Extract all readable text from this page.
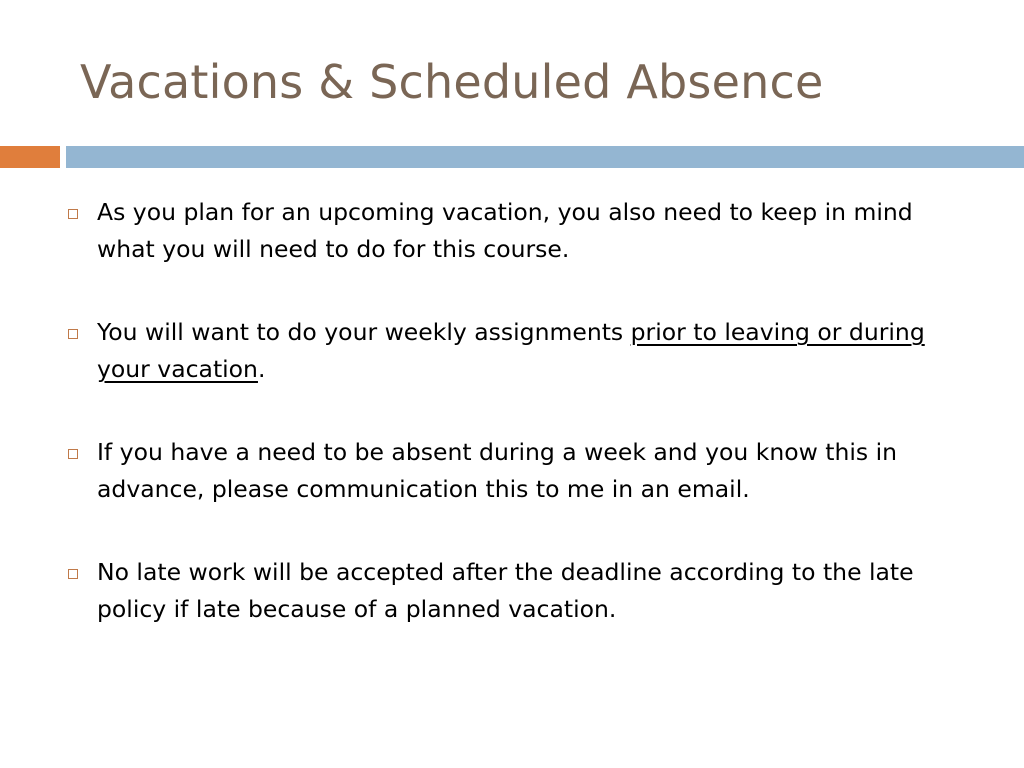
Vacations & Scheduled Absence
As you plan for an upcoming vacation, you also need to keep in mind what you will need to do for this course.
You will want to do your weekly assignments prior to leaving or during your vacation.
If you have a need to be absent during a week and you know this in advance, please communication this to me in an email.
No late work will be accepted after the deadline according to the late policy if late because of a planned vacation.
